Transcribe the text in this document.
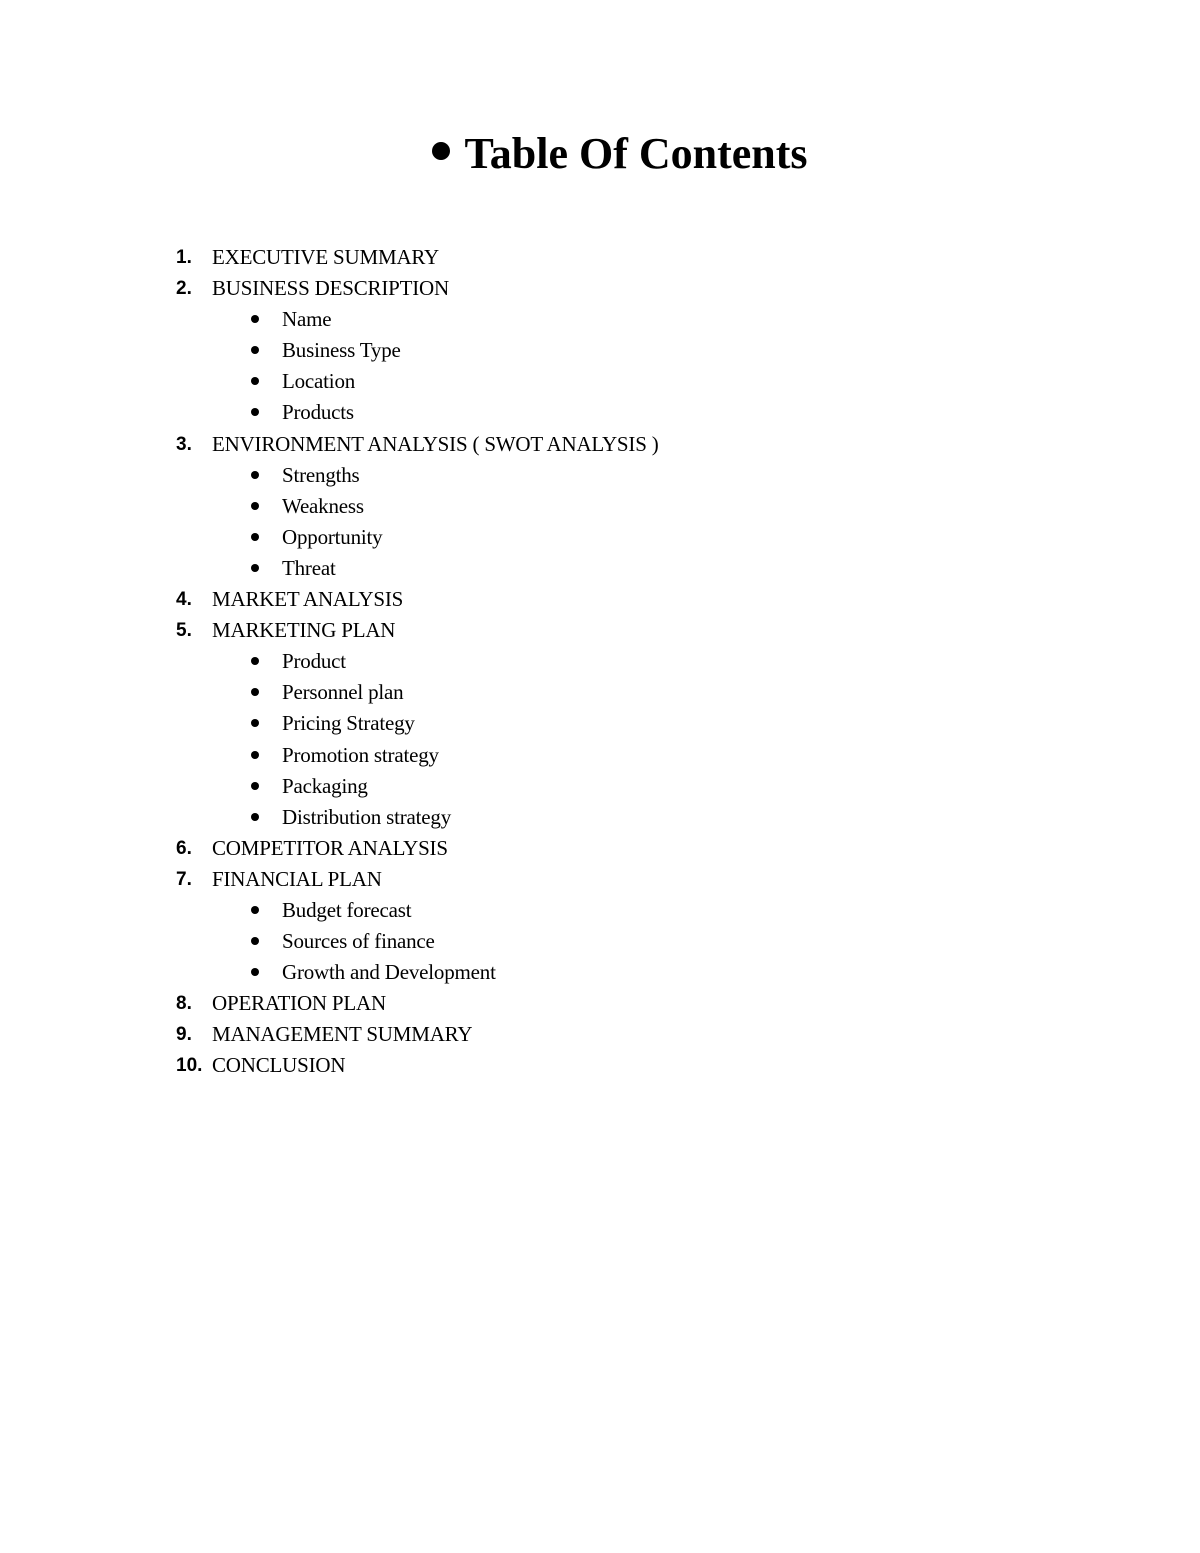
Table Of Contents
1. EXECUTIVE SUMMARY
2. BUSINESS DESCRIPTION
Name
Business Type
Location
Products
3. ENVIRONMENT ANALYSIS ( SWOT ANALYSIS )
Strengths
Weakness
Opportunity
Threat
4. MARKET ANALYSIS
5. MARKETING PLAN
Product
Personnel plan
Pricing Strategy
Promotion strategy
Packaging
Distribution strategy
6. COMPETITOR ANALYSIS
7. FINANCIAL PLAN
Budget forecast
Sources of finance
Growth and Development
8. OPERATION PLAN
9. MANAGEMENT SUMMARY
10. CONCLUSION
